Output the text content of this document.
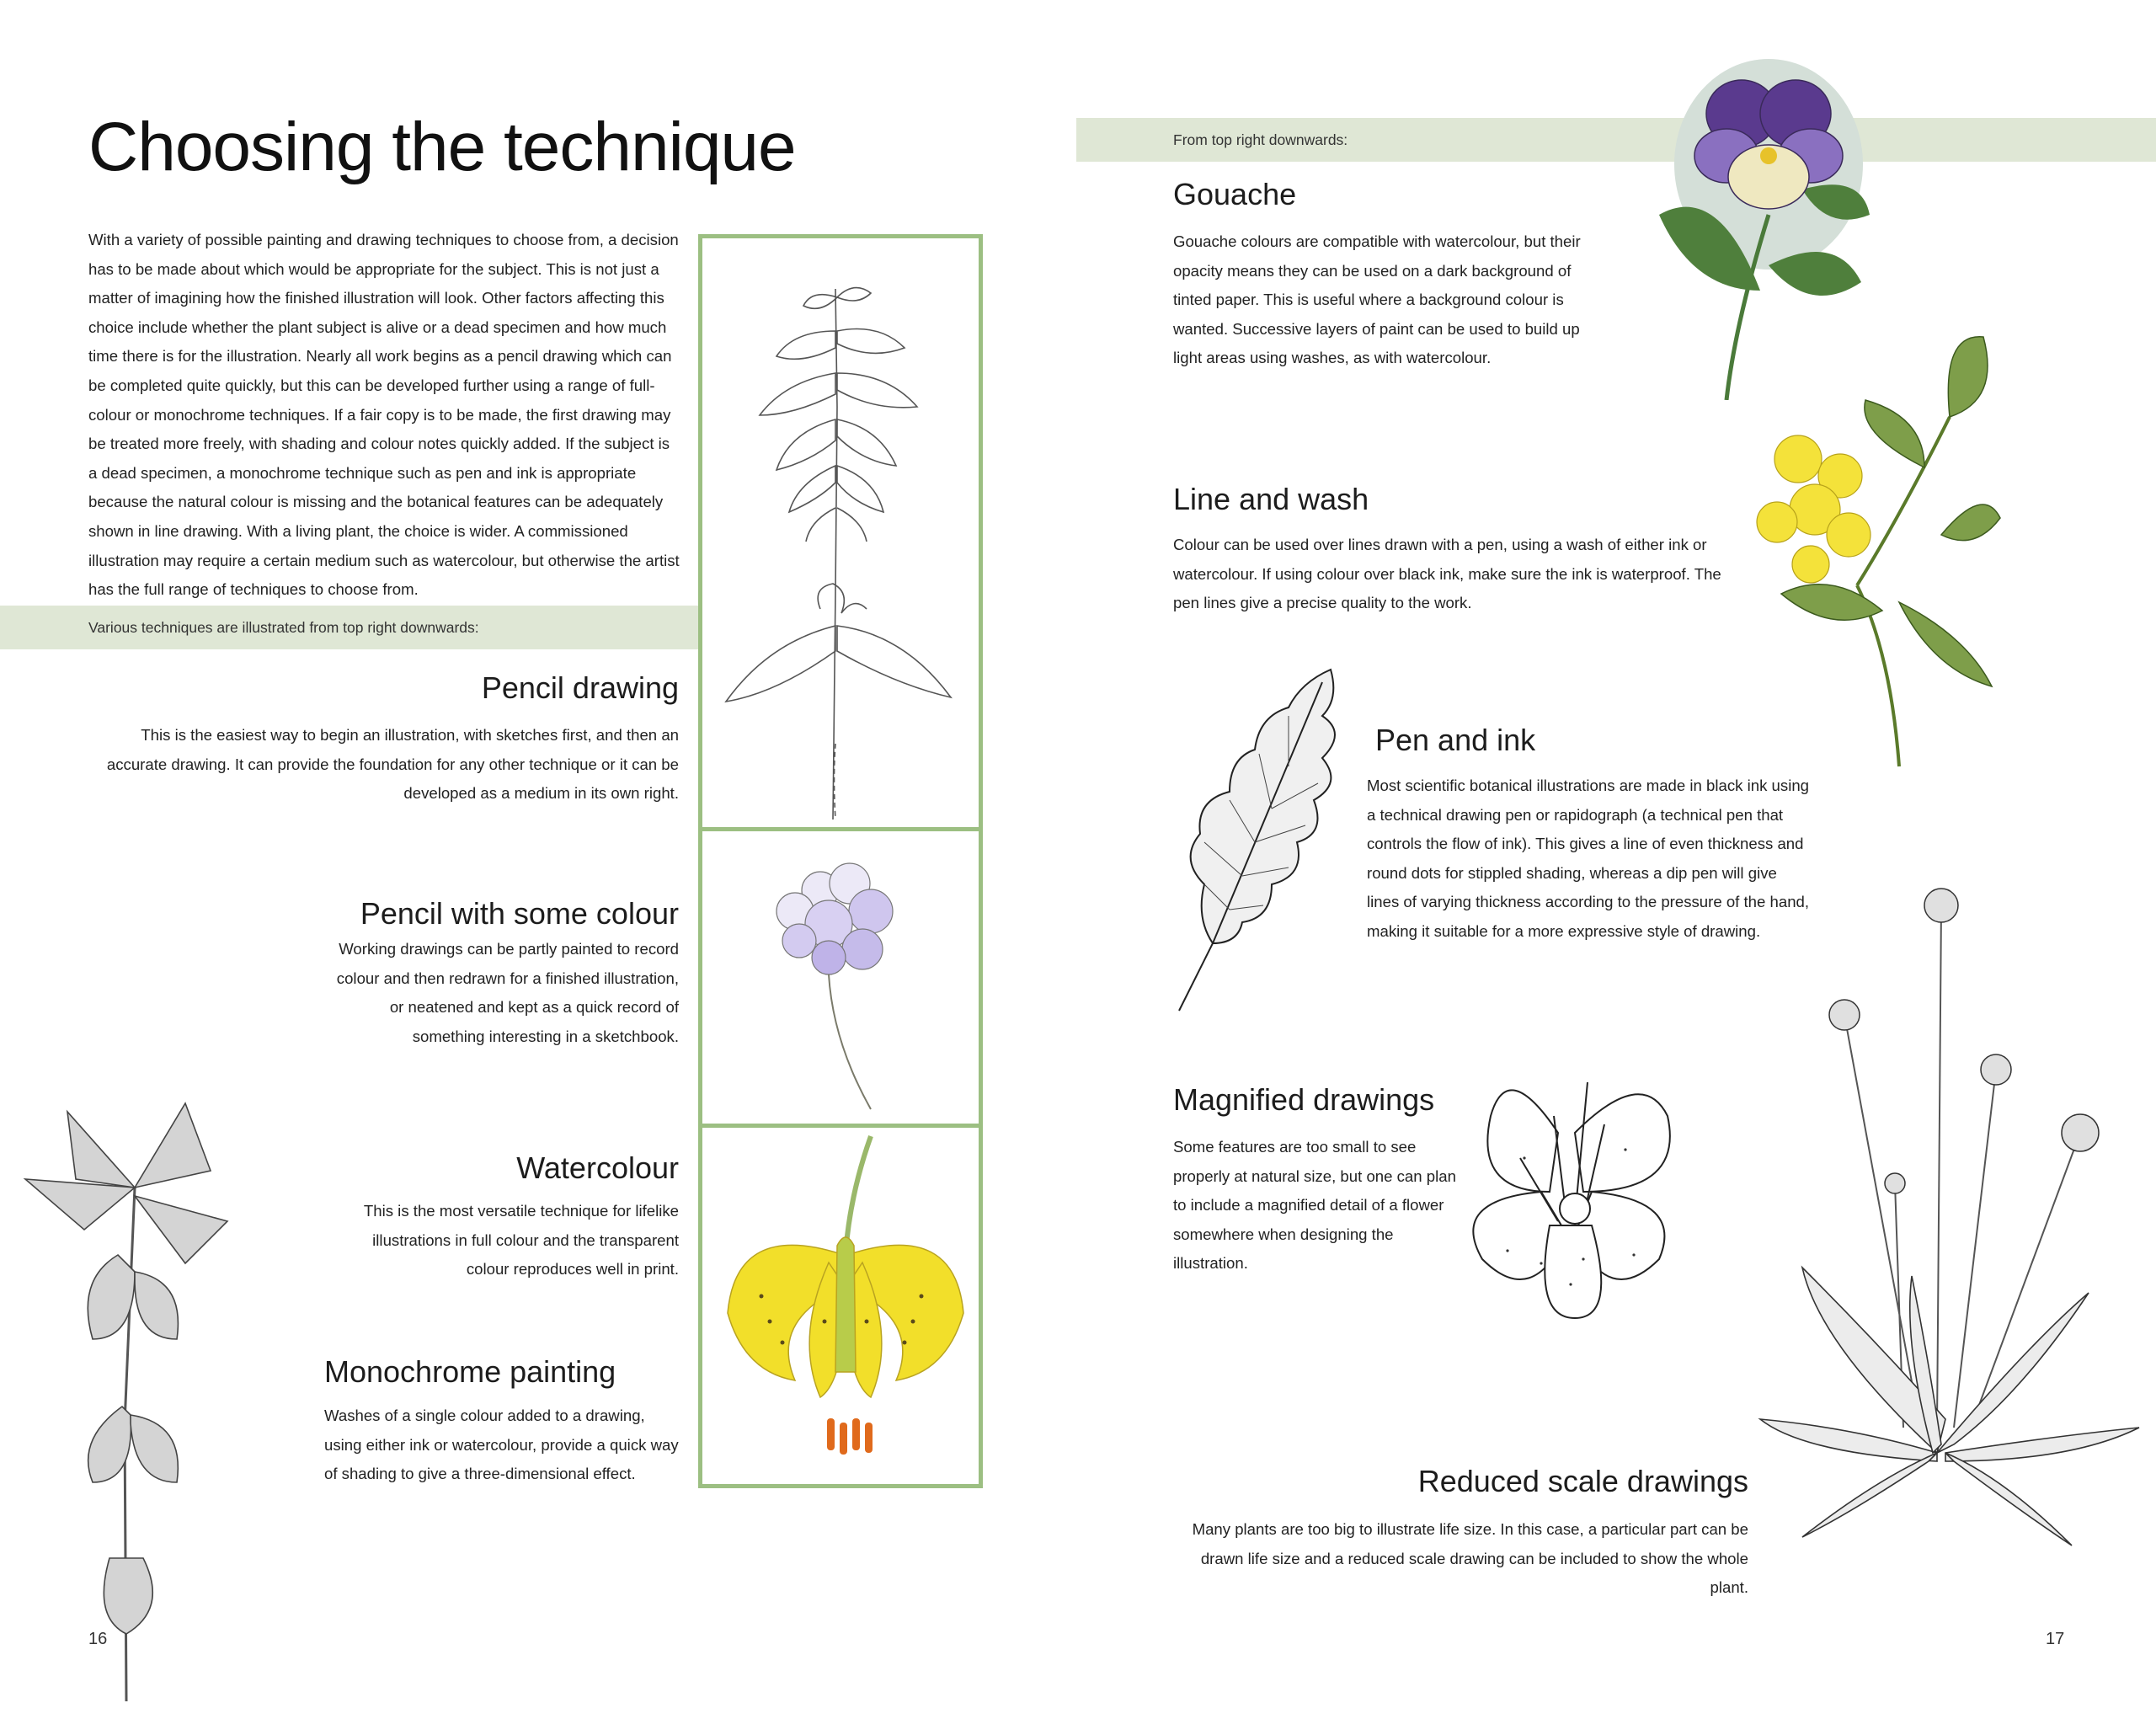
Choosing the technique
With a variety of possible painting and drawing techniques to choose from, a decision has to be made about which would be appropriate for the subject. This is not just a matter of imagining how the finished illustration will look. Other factors affecting this choice include whether the plant subject is alive or a dead specimen and how much time there is for the illustration. Nearly all work begins as a pencil drawing which can be completed quite quickly, but this can be developed further using a range of full-colour or monochrome techniques. If a fair copy is to be made, the first drawing may be treated more freely, with shading and colour notes quickly added. If the subject is a dead specimen, a monochrome technique such as pen and ink is appropriate because the natural colour is missing and the botanical features can be adequately shown in line drawing. With a living plant, the choice is wider. A commissioned illustration may require a certain medium such as watercolour, but otherwise the artist has the full range of techniques to choose from.
Various techniques are illustrated from top right downwards:
Pencil drawing
This is the easiest way to begin an illustration, with sketches first, and then an accurate drawing. It can provide the foundation for any other technique or it can be developed as a medium in its own right.
Pencil with some colour
Working drawings can be partly painted to record colour and then redrawn for a finished illustration, or neatened and kept as a quick record of something interesting in a sketchbook.
Watercolour
This is the most versatile technique for lifelike illustrations in full colour and the transparent colour reproduces well in print.
Monochrome painting
Washes of a single colour added to a drawing, using either ink or watercolour, provide a quick way of shading to give a three-dimensional effect.
16
From top right downwards:
Gouache
Gouache colours are compatible with watercolour, but their opacity means they can be used on a dark background of tinted paper. This is useful where a background colour is wanted. Successive layers of paint can be used to build up light areas using washes, as with watercolour.
Line and wash
Colour can be used over lines drawn with a pen, using a wash of either ink or watercolour. If using colour over black ink, make sure the ink is waterproof. The pen lines give a precise quality to the work.
Pen and ink
Most scientific botanical illustrations are made in black ink using a technical drawing pen or rapidograph (a technical pen that controls the flow of ink). This gives a line of even thickness and round dots for stippled shading, whereas a dip pen will give lines of varying thickness according to the pressure of the hand, making it suitable for a more expressive style of drawing.
Magnified drawings
Some features are too small to see properly at natural size, but one can plan to include a magnified detail of a flower somewhere when designing the illustration.
Reduced scale drawings
Many plants are too big to illustrate life size. In this case, a particular part can be drawn life size and a reduced scale drawing can be included to show the whole plant.
17
